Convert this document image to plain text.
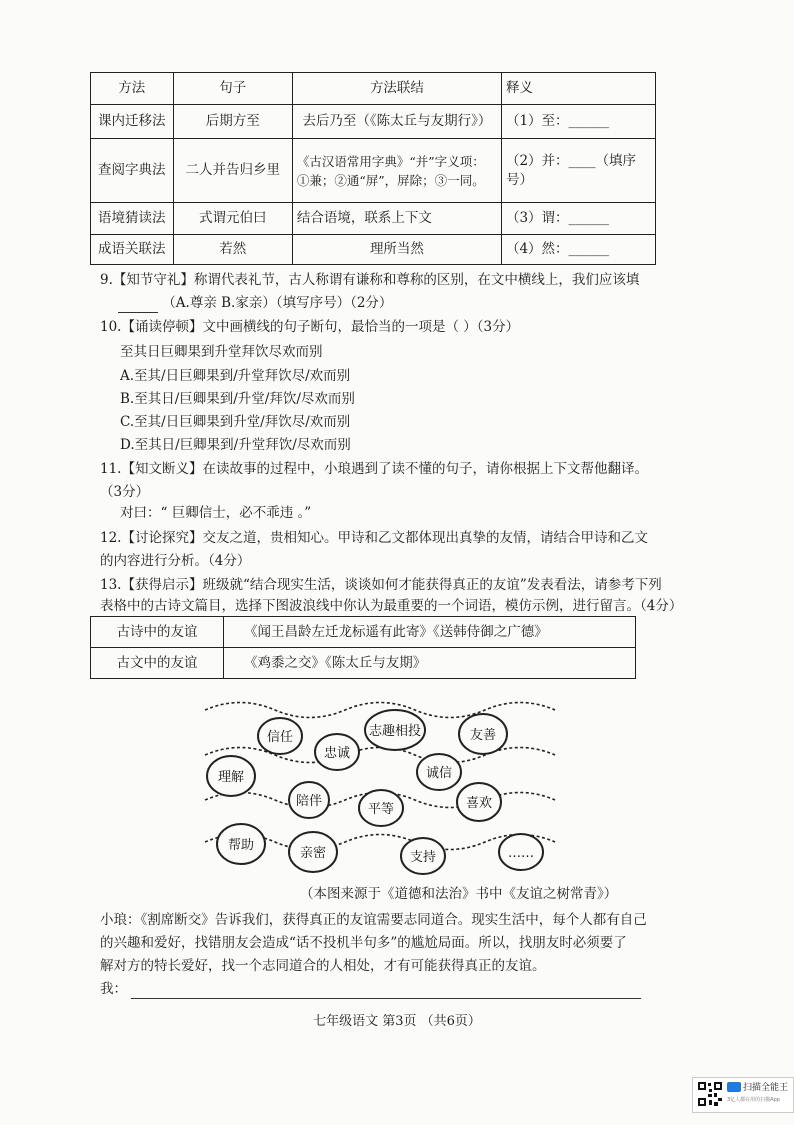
方法	句子	方法联结	释义
课内迁移法	后期方至	去后乃至（《陈太丘与友期行》）	（1）至：______
查阅字典法	二人并告归乡里	《古汉语常用字典》“并”字义项：①兼；②通“屏”，屏除；③一同。	（2）并：____（填序号）
语境猜读法	式谓元伯曰	结合语境，联系上下文	（3）谓：______
成语关联法	若然	理所当然	（4）然：______
9.【知节守礼】称谓代表礼节，古人称谓有谦称和尊称的区别，在文中横线上，我们应该填
（A.尊亲 B.家亲）（填写序号）（2分）
10.【诵读停顿】文中画横线的句子断句，最恰当的一项是（ ）（3分）
至其日巨卿果到升堂拜饮尽欢而别
A.至其/日巨卿果到/升堂拜饮尽/欢而别
B.至其日/巨卿果到/升堂/拜饮/尽欢而别
C.至其/日巨卿果到升堂/拜饮尽/欢而别
D.至其日/巨卿果到/升堂拜饮/尽欢而别
11.【知文断义】在读故事的过程中，小琅遇到了读不懂的句子，请你根据上下文帮他翻译。
（3分）
对曰：“ 巨卿信士，必不乖违 。”
12.【讨论探究】交友之道，贵相知心。甲诗和乙文都体现出真挚的友情，请结合甲诗和乙文
的内容进行分析。（4分）
13.【获得启示】班级就“结合现实生活，谈谈如何才能获得真正的友谊”发表看法，请参考下列
表格中的古诗文篇目，选择下图波浪线中你认为最重要的一个词语，模仿示例，进行留言。（4分）
古诗中的友谊	《闻王昌龄左迁龙标遥有此寄》《送韩侍御之广德》
古文中的友谊	《鸡黍之交》《陈太丘与友期》
信任
忠诚
志趣相投	友善
理解	诚信
陪伴
平等	喜欢
帮助
亲密	支持	……
（本图来源于《道德和法治》书中《友谊之树常青》）
小琅：《割席断交》告诉我们，获得真正的友谊需要志同道合。现实生活中，每个人都有自己
的兴趣和爱好，找错朋友会造成“话不投机半句多”的尴尬局面。所以，找朋友时必须要了
解对方的特长爱好，找一个志同道合的人相处，才有可能获得真正的友谊。
我：
七年级语文 第3页 （共6页）
扫描全能王
3亿人都在用的扫描App
